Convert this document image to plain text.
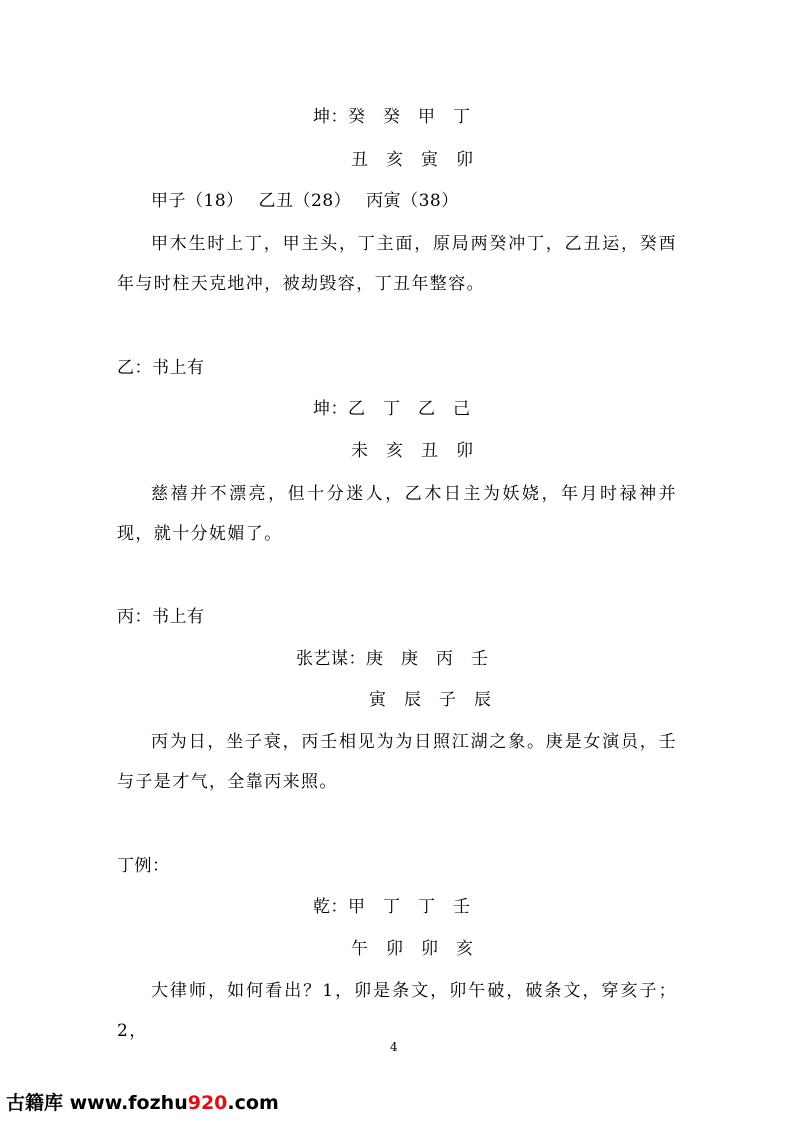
坤：癸　癸　甲　丁
丑　亥　寅　卯
甲子（18）　 乙丑（28）　 丙寅（38）
甲木生时上丁，甲主头，丁主面，原局两癸冲丁，乙丑运，癸酉年与时柱天克地冲，被劫毁容，丁丑年整容。
乙：书上有
坤：乙　丁　乙　己
未　亥　丑　卯
慈禧并不漂亮，但十分迷人，乙木日主为妖娆，年月时禄神并现，就十分妩媚了。
丙：书上有
张艺谋：庚　庚　丙　壬
寅　辰　子　辰
丙为日，坐子衰，丙壬相见为为日照江湖之象。庚是女演员，壬与子是才气，全靠丙来照。
丁例：
乾：甲　丁　丁　壬
午　卯　卯　亥
大律师，如何看出？1，卯是条文，卯午破，破条文，穿亥子； 2，
4
古籍库 www.fozhu920.com
